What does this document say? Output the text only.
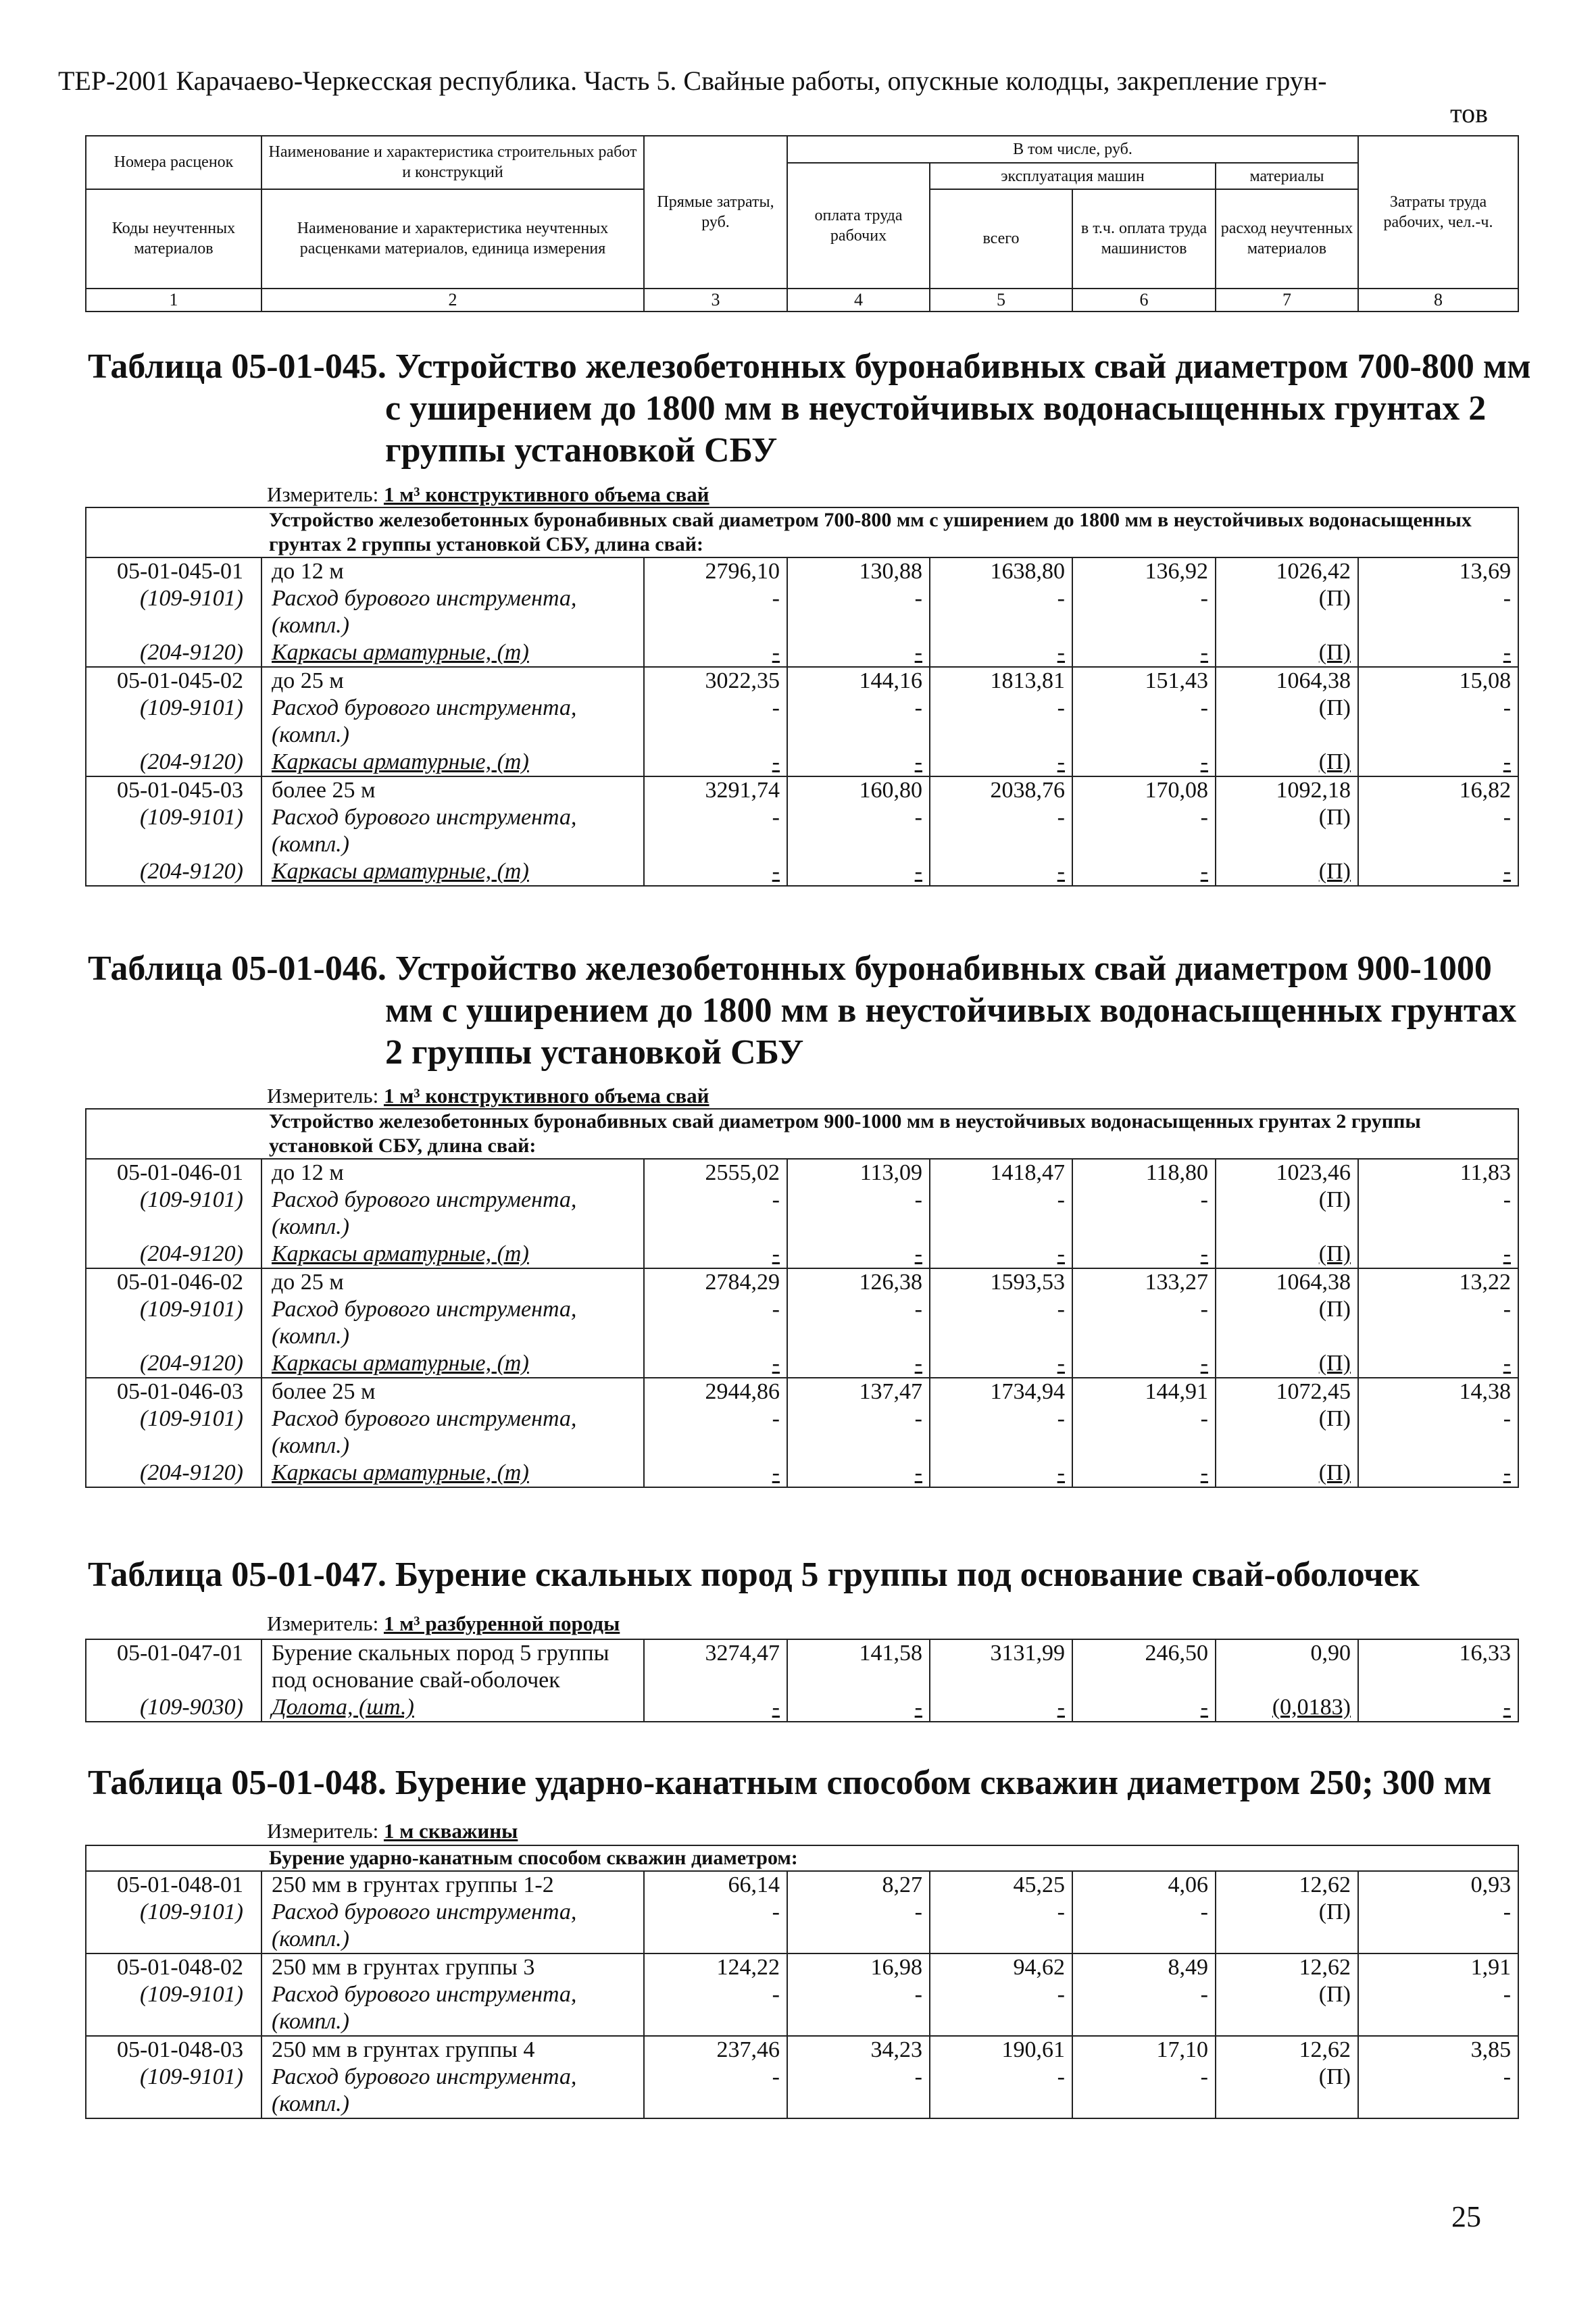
ТЕР-2001 Карачаево-Черкесская республика. Часть 5. Свайные работы, опускные колодцы, закрепление грун-
тов
Номера расценок	Наименование и характеристика строительных работ и конструкций	Прямые затраты, руб.	В том числе, руб.				Затраты труда рабочих, чел.-ч.
			оплата труда рабочих	эксплуатация машин		материалы	
Коды неучтенных материалов	Наименование и характеристика неучтенных расценками материалов, единица измерения			всего	в т.ч. оплата труда машинистов	расход неучтенных материалов	

1	2	3	4	5	6	7	8
Таблица 05-01-045. Устройство железобетонных буронабивных свай диаметром 700-800 мм
с уширением до 1800 мм в неустойчивых водонасыщенных грунтах 2
группы установкой СБУ
Измеритель: 1 м³ конструктивного объема свай
Устройство железобетонных буронабивных свай диаметром 700-800 мм с уширением до 1800 мм в неустойчивых водонасыщенных грунтах 2 группы установкой СБУ, длина свай:							
05-01-045-01	до 12 м	2796,10	130,88	1638,80	136,92	1026,42	13,69
(109-9101)	Расход бурового инструмента,	-	-	-	-	(П)	-
	(компл.)						
(204-9120)	Каркасы арматурные, (т)	-	-	-	-	(П)	-
05-01-045-02	до 25 м	3022,35	144,16	1813,81	151,43	1064,38	15,08
(109-9101)	Расход бурового инструмента,	-	-	-	-	(П)	-
	(компл.)						
(204-9120)	Каркасы арматурные, (т)	-	-	-	-	(П)	-
05-01-045-03	более 25 м	3291,74	160,80	2038,76	170,08	1092,18	16,82
(109-9101)	Расход бурового инструмента,	-	-	-	-	(П)	-
	(компл.)						
(204-9120)	Каркасы арматурные, (т)	-	-	-	-	(П)	-
Таблица 05-01-046. Устройство железобетонных буронабивных свай диаметром 900-1000
мм с уширением до 1800 мм в неустойчивых водонасыщенных грунтах
2 группы установкой СБУ
Измеритель: 1 м³ конструктивного объема свай
Устройство железобетонных буронабивных свай диаметром 900-1000 мм в неустойчивых водонасыщенных грунтах 2 группы установкой СБУ, длина свай:							
05-01-046-01	до 12 м	2555,02	113,09	1418,47	118,80	1023,46	11,83
(109-9101)	Расход бурового инструмента,	-	-	-	-	(П)	-
	(компл.)						
(204-9120)	Каркасы арматурные, (т)	-	-	-	-	(П)	-
05-01-046-02	до 25 м	2784,29	126,38	1593,53	133,27	1064,38	13,22
(109-9101)	Расход бурового инструмента,	-	-	-	-	(П)	-
	(компл.)						
(204-9120)	Каркасы арматурные, (т)	-	-	-	-	(П)	-
05-01-046-03	более 25 м	2944,86	137,47	1734,94	144,91	1072,45	14,38
(109-9101)	Расход бурового инструмента,	-	-	-	-	(П)	-
	(компл.)						
(204-9120)	Каркасы арматурные, (т)	-	-	-	-	(П)	-
Таблица 05-01-047. Бурение скальных пород 5 группы под основание свай-оболочек
Измеритель: 1 м³ разбуренной породы
05-01-047-01	Бурение скальных пород 5 группы	3274,47	141,58	3131,99	246,50	0,90	16,33
	под основание свай-оболочек						
(109-9030)	Долота, (шт.)	-	-	-	-	(0,0183)	-
Таблица 05-01-048. Бурение ударно-канатным способом скважин диаметром 250; 300 мм
Измеритель: 1 м скважины
Бурение ударно-канатным способом скважин диаметром:							
05-01-048-01	250 мм в грунтах группы 1-2	66,14	8,27	45,25	4,06	12,62	0,93
(109-9101)	Расход бурового инструмента,	-	-	-	-	(П)	-
	(компл.)						
05-01-048-02	250 мм в грунтах группы 3	124,22	16,98	94,62	8,49	12,62	1,91
(109-9101)	Расход бурового инструмента,	-	-	-	-	(П)	-
	(компл.)						
05-01-048-03	250 мм в грунтах группы 4	237,46	34,23	190,61	17,10	12,62	3,85
(109-9101)	Расход бурового инструмента,	-	-	-	-	(П)	-
	(компл.)						
25
